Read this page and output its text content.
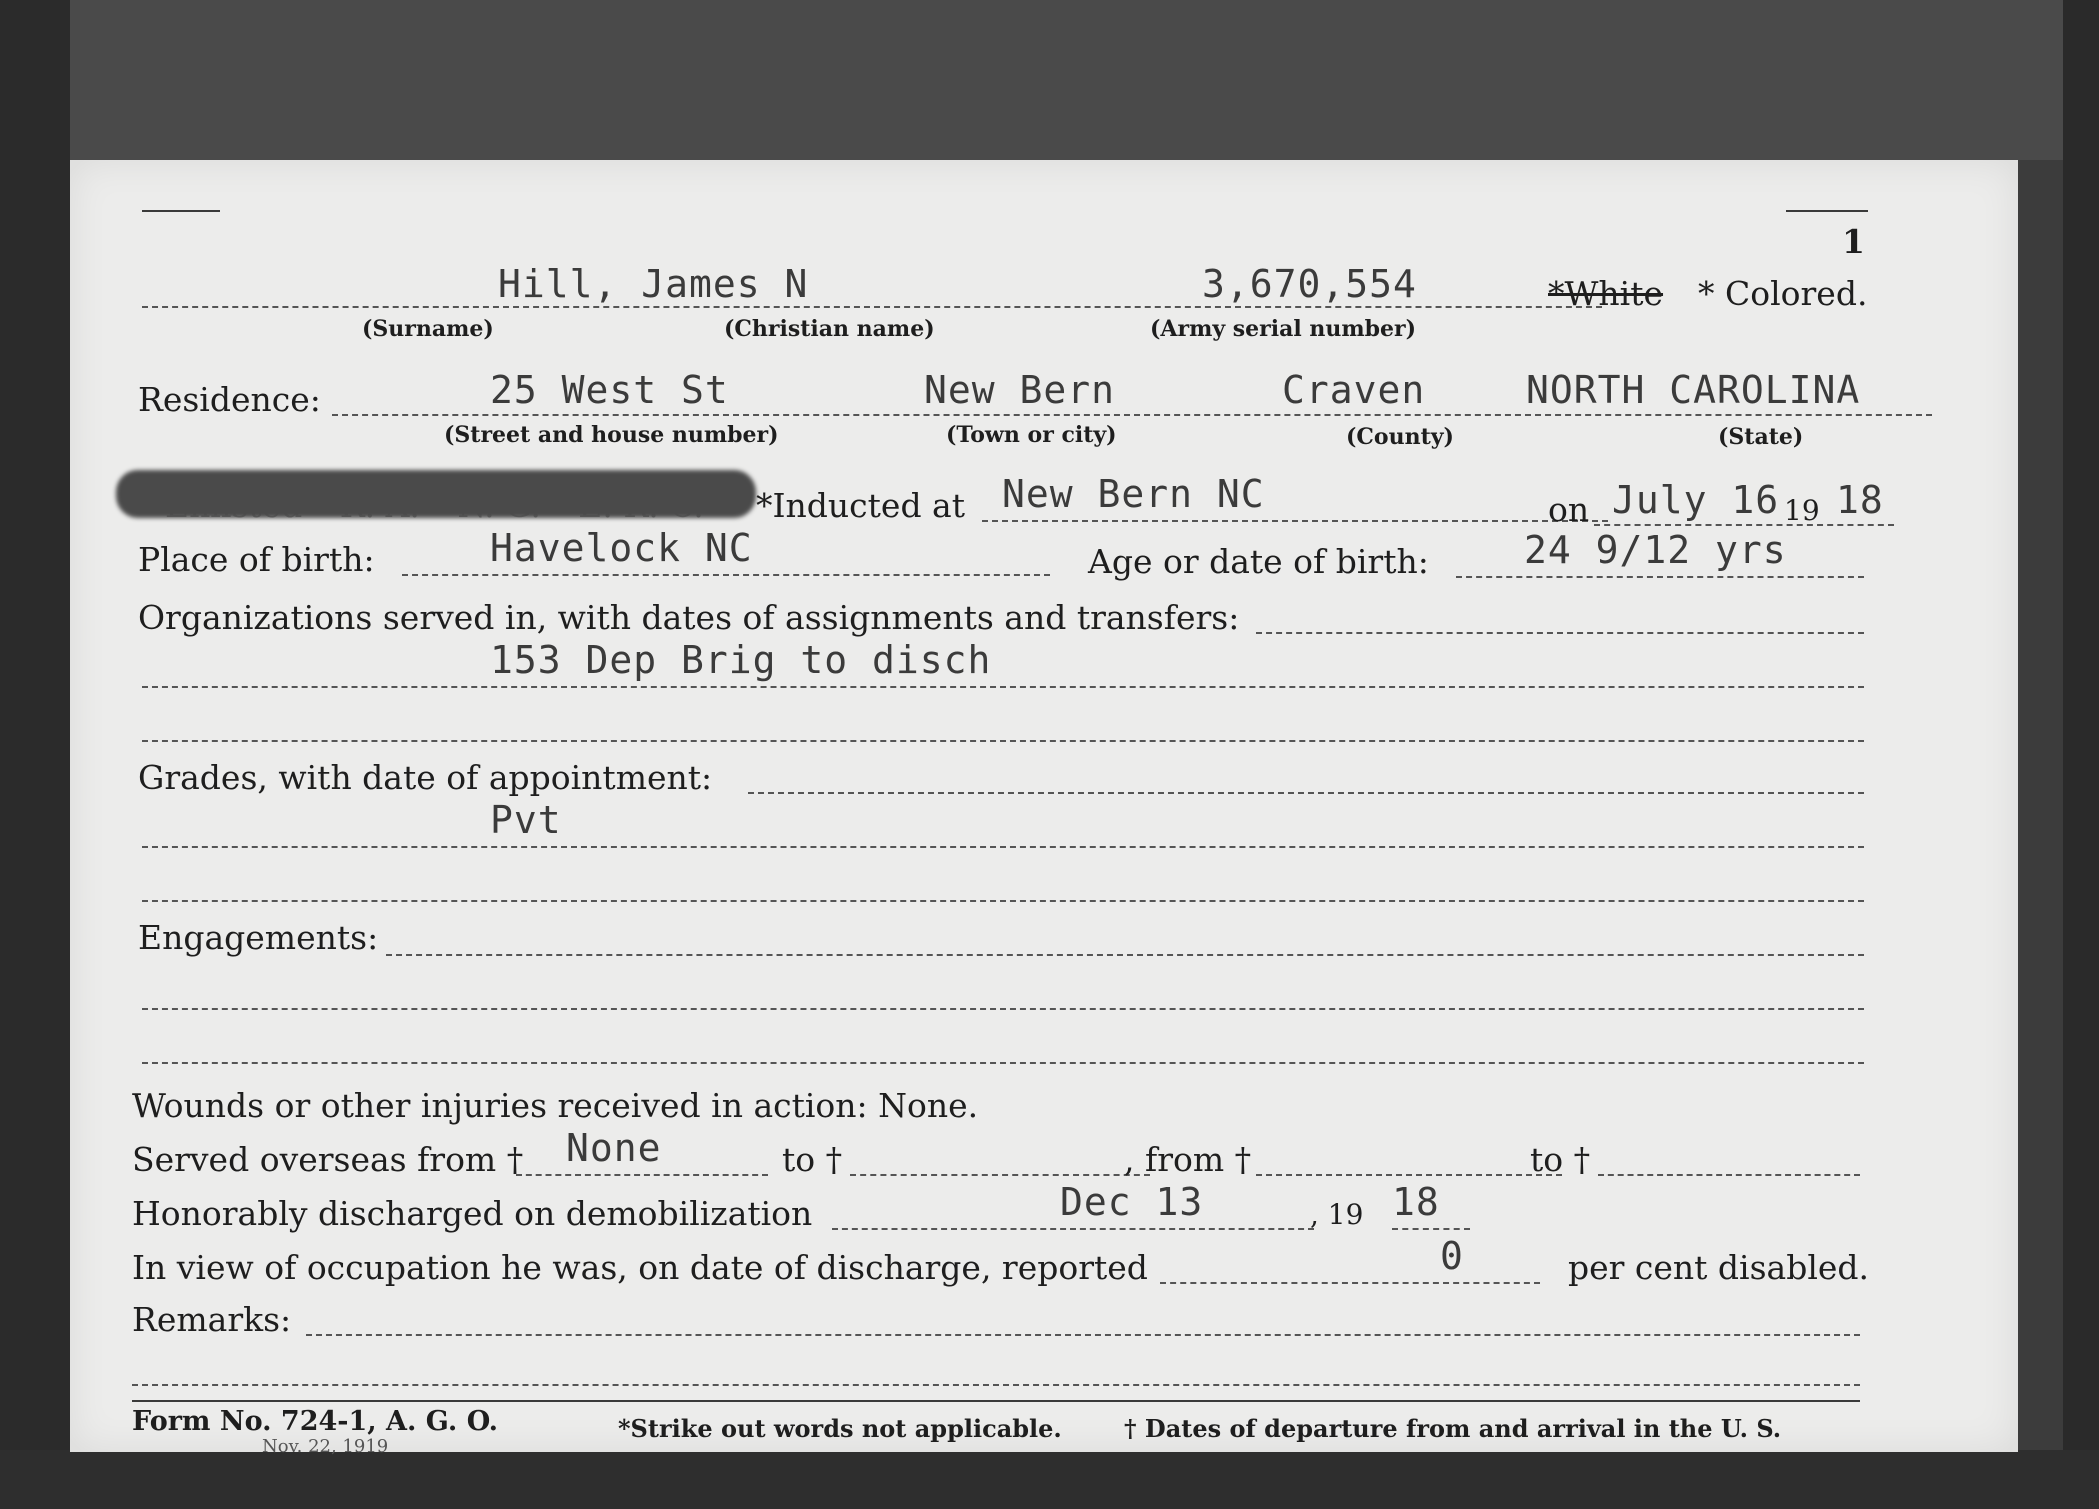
1
Hill, James N	3,670,554	*White * Colored.
(Surname)	(Christian name)	(Army serial number)
Residence:	25 West St	New Bern	Craven	NORTH CAROLINA
(Street and house number)	(Town or city)	(County)	(State)
*Inducted at New Bern NC	on July 16 19 18
Place of birth:	Havelock NC	Age or date of birth:	24 9/12 yrs
Organizations served in, with dates of assignments and transfers:
153 Dep Brig to disch
Grades, with date of appointment:
Pvt
Engagements:
Wounds or other injuries received in action: None.
Served overseas from † None	to †	, from †	to †
Honorably discharged on demobilization	Dec 13	, 19 18
In view of occupation he was, on date of discharge, reported	0	per cent disabled.
Remarks:
Form No. 724-1, A. G. O.
Nov. 22, 1919
*Strike out words not applicable.	† Dates of departure from and arrival in the U. S.
